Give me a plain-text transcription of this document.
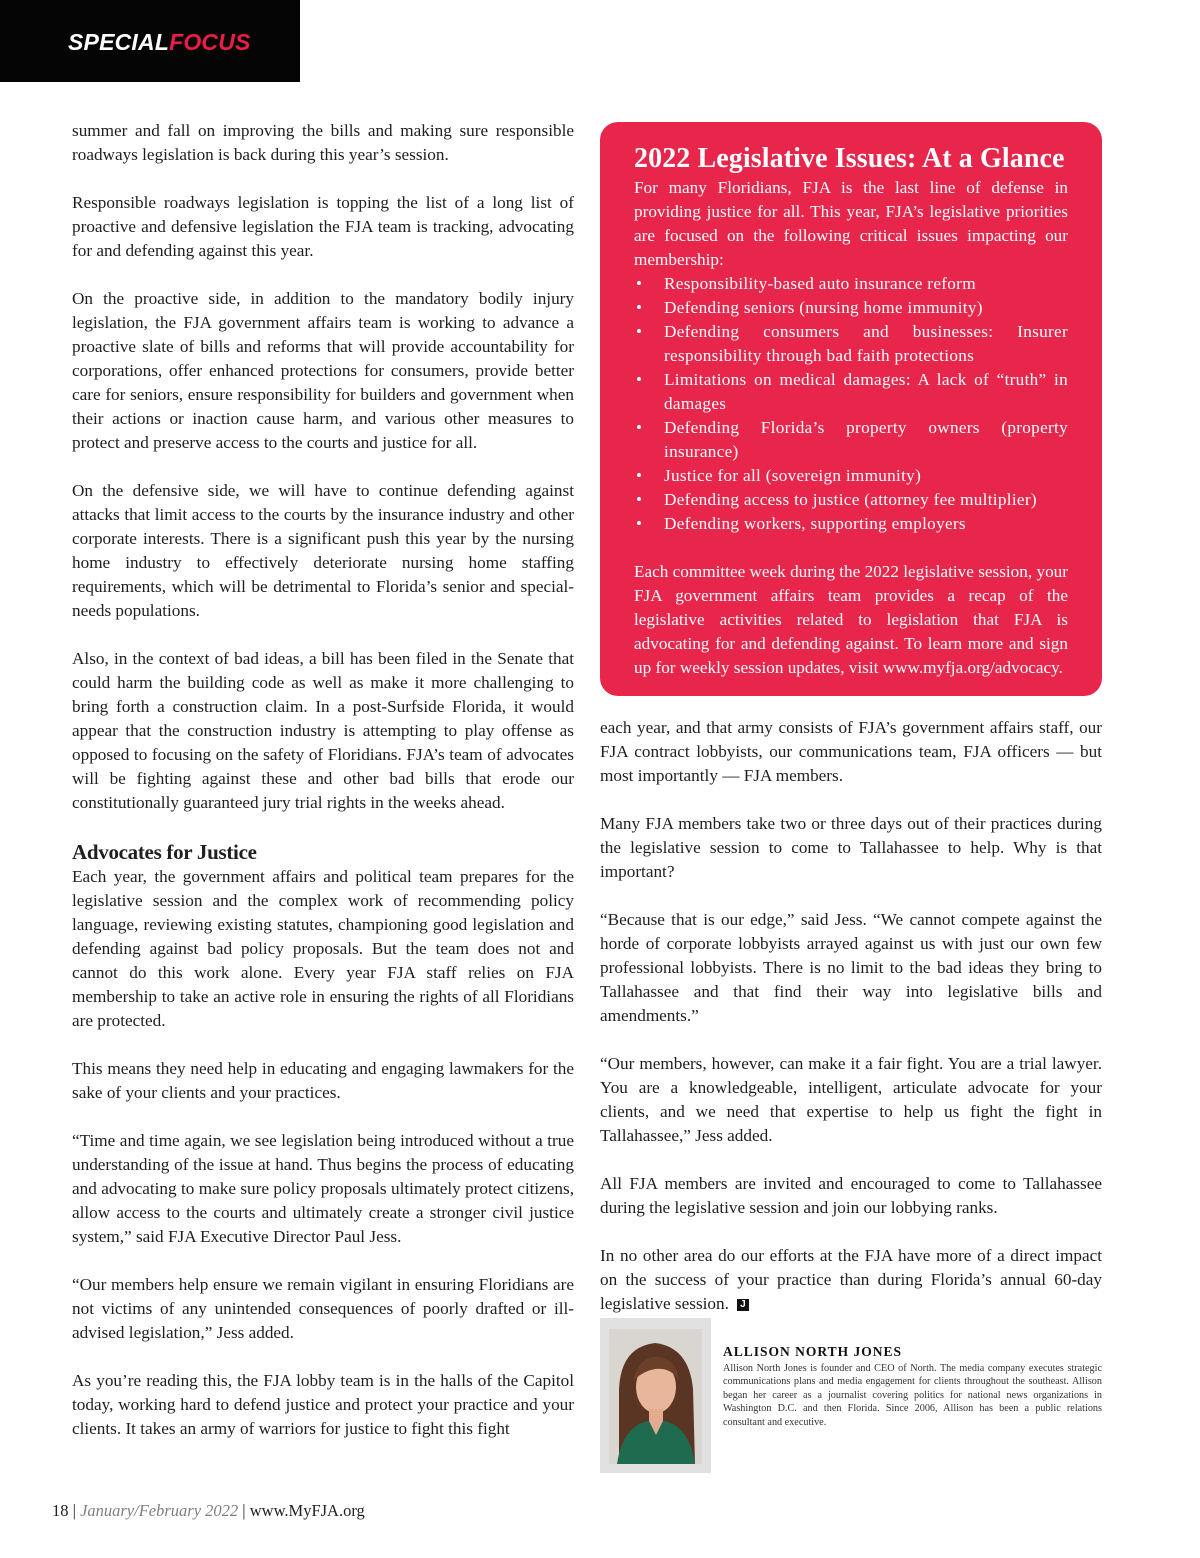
SPECIALFOCUS

summer and fall on improving the bills and making sure responsible roadways legislation is back during this year’s session.

Responsible roadways legislation is topping the list of a long list of proactive and defensive legislation the FJA team is tracking, advocating for and defending against this year.

On the proactive side, in addition to the mandatory bodily injury legislation, the FJA government affairs team is working to advance a proactive slate of bills and reforms that will provide accountability for corporations, offer enhanced protections for consumers, provide better care for seniors, ensure responsibility for builders and government when their actions or inaction cause harm, and various other measures to protect and preserve access to the courts and justice for all.

On the defensive side, we will have to continue defending against attacks that limit access to the courts by the insurance industry and other corporate interests. There is a significant push this year by the nursing home industry to effectively deteriorate nursing home staffing requirements, which will be detrimental to Florida’s senior and special-needs populations.

Also, in the context of bad ideas, a bill has been filed in the Senate that could harm the building code as well as make it more challenging to bring forth a construction claim. In a post-Surfside Florida, it would appear that the construction industry is attempting to play offense as opposed to focusing on the safety of Floridians. FJA’s team of advocates will be fighting against these and other bad bills that erode our constitutionally guaranteed jury trial rights in the weeks ahead.

Advocates for Justice

Each year, the government affairs and political team prepares for the legislative session and the complex work of recommending policy language, reviewing existing statutes, championing good legislation and defending against bad policy proposals. But the team does not and cannot do this work alone. Every year FJA staff relies on FJA membership to take an active role in ensuring the rights of all Floridians are protected.

This means they need help in educating and engaging lawmakers for the sake of your clients and your practices.

“Time and time again, we see legislation being introduced without a true understanding of the issue at hand. Thus begins the process of educating and advocating to make sure policy proposals ultimately protect citizens, allow access to the courts and ultimately create a stronger civil justice system,” said FJA Executive Director Paul Jess.

“Our members help ensure we remain vigilant in ensuring Floridians are not victims of any unintended consequences of poorly drafted or ill-advised legislation,” Jess added.

As you’re reading this, the FJA lobby team is in the halls of the Capitol today, working hard to defend justice and protect your practice and your clients. It takes an army of warriors for justice to fight this fight

2022 Legislative Issues: At a Glance

For many Floridians, FJA is the last line of defense in providing justice for all. This year, FJA’s legislative priorities are focused on the following critical issues impacting our membership:

• Responsibility-based auto insurance reform
• Defending seniors (nursing home immunity)
• Defending consumers and businesses: Insurer responsibility through bad faith protections
• Limitations on medical damages: A lack of “truth” in damages
• Defending Florida’s property owners (property insurance)
• Justice for all (sovereign immunity)
• Defending access to justice (attorney fee multiplier)
• Defending workers, supporting employers

Each committee week during the 2022 legislative session, your FJA government affairs team provides a recap of the legislative activities related to legislation that FJA is advocating for and defending against. To learn more and sign up for weekly session updates, visit www.myfja.org/advocacy.

each year, and that army consists of FJA’s government affairs staff, our FJA contract lobbyists, our communications team, FJA officers — but most importantly — FJA members.

Many FJA members take two or three days out of their practices during the legislative session to come to Tallahassee to help. Why is that important?

“Because that is our edge,” said Jess. “We cannot compete against the horde of corporate lobbyists arrayed against us with just our own few professional lobbyists. There is no limit to the bad ideas they bring to Tallahassee and that find their way into legislative bills and amendments.”

“Our members, however, can make it a fair fight. You are a trial lawyer. You are a knowledgeable, intelligent, articulate advocate for your clients, and we need that expertise to help us fight the fight in Tallahassee,” Jess added.

All FJA members are invited and encouraged to come to Tallahassee during the legislative session and join our lobbying ranks.

In no other area do our efforts at the FJA have more of a direct impact on the success of your practice than during Florida’s annual 60-day legislative session. J

ALLISON NORTH JONES

Allison North Jones is founder and CEO of North. The media company executes strategic communications plans and media engagement for clients throughout the southeast. Allison began her career as a journalist covering politics for national news organizations in Washington D.C. and then Florida. Since 2006, Allison has been a public relations consultant and executive.

18 | January/February 2022 | www.MyFJA.org
